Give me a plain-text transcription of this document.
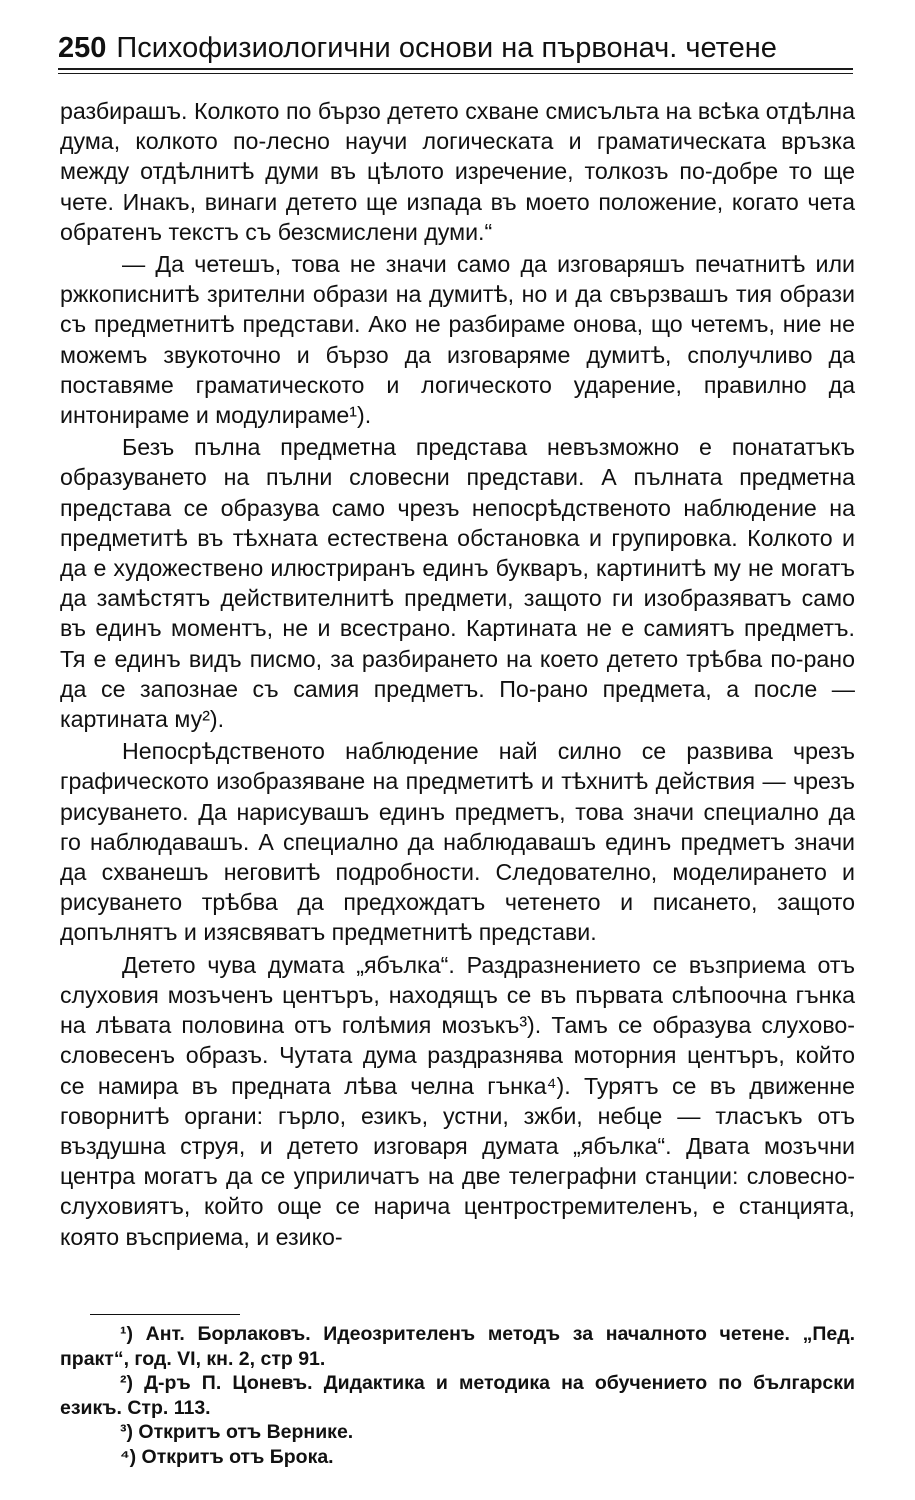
250 Психофизиологични основи на първонач. четене

разбирашъ. Колкото по бързо детето схване смисъльта на всѣка отдѣлна дума, колкото по-лесно научи логическата и граматическата връзка между отдѣлнитѣ думи въ цѣлото изречение, толкозъ по-добре то ще чете. Инакъ, винаги детето ще изпада въ моето положение, когато чета обратенъ текстъ съ безсмислени думи.“

— Да четешъ, това не значи само да изговаряшъ печатнитѣ или ржкописнитѣ зрителни образи на думитѣ, но и да свързвашъ тия образи съ предметнитѣ представи. Ако не разбираме онова, що четемъ, ние не можемъ звукоточно и бързо да изговаряме думитѣ, сполучливо да поставяме граматическото и логическото ударение, правилно да интонираме и модулираме¹).

Безъ пълна предметна представа невъзможно е понататъкъ образуването на пълни словесни представи. А пълната предметна представа се образува само чрезъ непосрѣдственото наблюдение на предметитѣ въ тѣхната естествена обстановка и групировка. Колкото и да е художествено илюстриранъ единъ букваръ, картинитѣ му не могатъ да замѣстятъ действителнитѣ предмети, защото ги изобразяватъ само въ единъ моментъ, не и всестрано. Картината не е самиятъ предметъ. Тя е единъ видъ писмо, за разбирането на което детето трѣбва по-рано да се запознае съ самия предметъ. По-рано предмета, а после — картината му²).

Непосрѣдственото наблюдение най силно се развива чрезъ графическото изобразяване на предметитѣ и тѣхнитѣ действия — чрезъ рисуването. Да нарисувашъ единъ предметъ, това значи специално да го наблюдавашъ. А специално да наблюдавашъ единъ предметъ значи да схванешъ неговитѣ подробности. Следователно, моделирането и рисуването трѣбва да предхождатъ четенето и писането, защото допълнятъ и изясвяватъ предметнитѣ представи.

Детето чува думата „ябълка“. Раздразнението се възприема отъ слуховия мозъченъ центъръ, находящъ се въ първата слѣпоочна гънка на лѣвата половина отъ голѣмия мозъкъ³). Тамъ се образува слухово-словесенъ образъ. Чутата дума раздразнява моторния центъръ, който се намира въ предната лѣва челна гънка⁴). Турятъ се въ движенне говорнитѣ органи: гърло, езикъ, устни, зжби, небце — тласъкъ отъ въздушна струя, и детето изговаря думата „ябълка“. Двата мозъчни центра могатъ да се уприличатъ на две телеграфни станции: словесно-слуховиятъ, който още се нарича центростремителенъ, е станцията, която въсприема, и езико-

¹) Ант. Борлаковъ. Идеозрителенъ методъ за началното четене. „Пед. практ“, год. VI, кн. 2, стр 91.

²) Д-ръ П. Цоневъ. Дидактика и методика на обучението по български езикъ. Стр. 113.

³) Откритъ отъ Вернике.

⁴) Откритъ отъ Брока.
